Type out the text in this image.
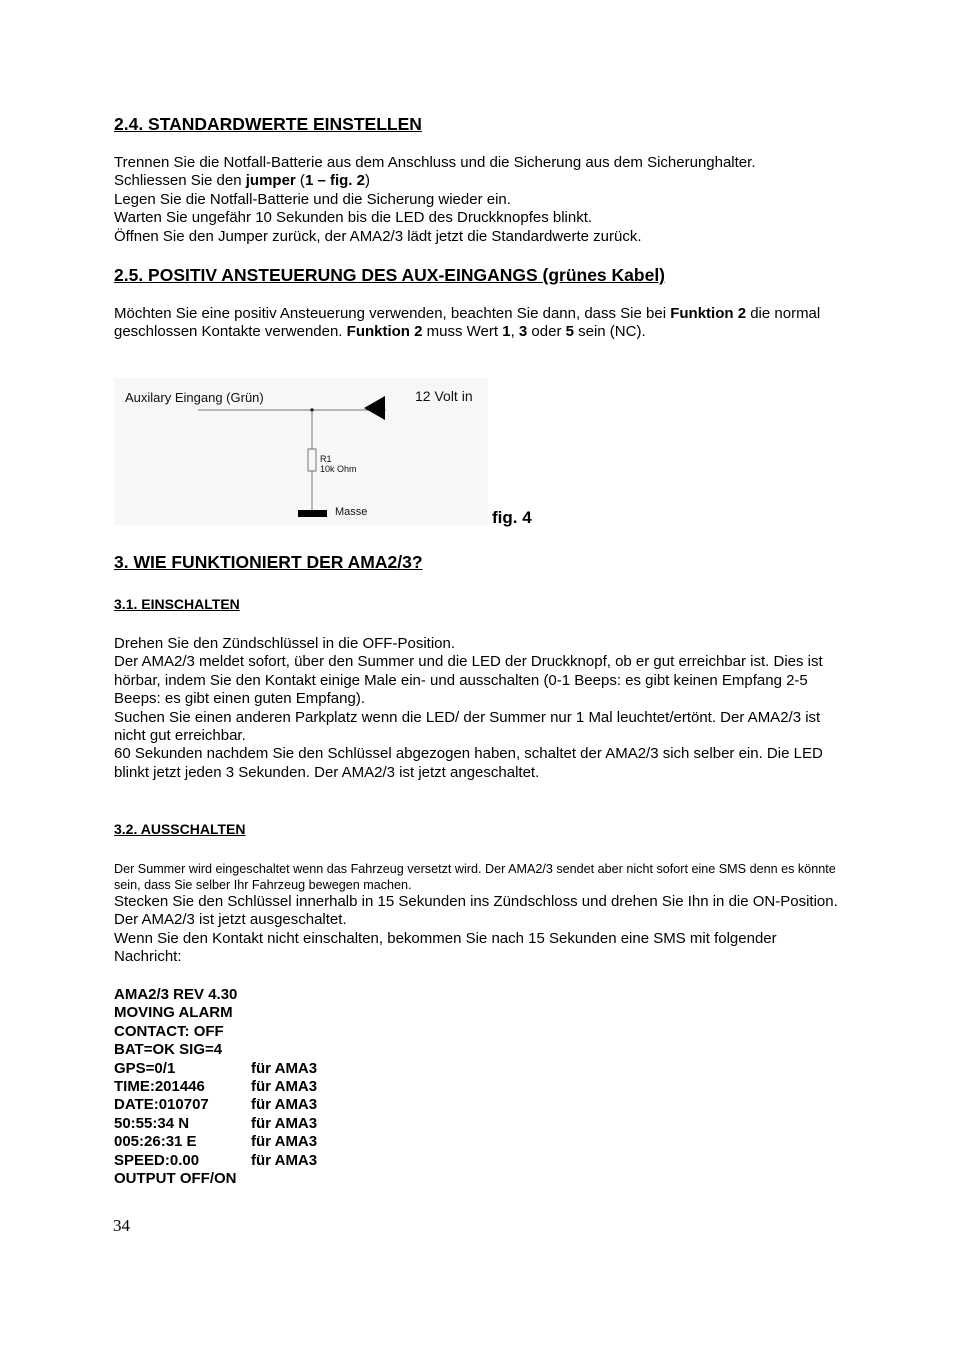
2.4. STANDARDWERTE EINSTELLEN
Trennen Sie die Notfall-Batterie aus dem Anschluss und die Sicherung aus dem Sicherunghalter.
Schliessen Sie den jumper (1 – fig. 2)
Legen Sie die Notfall-Batterie und die Sicherung wieder ein.
Warten Sie ungefähr 10 Sekunden bis die LED des Druckknopfes blinkt.
Öffnen Sie den Jumper zurück, der AMA2/3 lädt jetzt die Standardwerte zurück.
2.5. POSITIV ANSTEUERUNG DES AUX-EINGANGS (grünes Kabel)
Möchten Sie eine positiv Ansteuerung verwenden, beachten Sie dann, dass Sie bei Funktion 2 die normal geschlossen Kontakte verwenden. Funktion 2 muss Wert 1, 3 oder 5 sein (NC).
Auxilary Eingang (Grün)	12 Volt in
R1
10k Ohm
Masse	fig. 4
3. WIE FUNKTIONIERT DER AMA2/3?
3.1. EINSCHALTEN
Drehen Sie den Zündschlüssel in die OFF-Position.
Der AMA2/3 meldet sofort, über den Summer und die LED der Druckknopf, ob er gut erreichbar ist. Dies ist hörbar, indem Sie den Kontakt einige Male ein- und ausschalten (0-1 Beeps: es gibt keinen Empfang 2-5 Beeps: es gibt einen guten Empfang).
Suchen Sie einen anderen Parkplatz wenn die LED/ der Summer nur 1 Mal leuchtet/ertönt. Der AMA2/3 ist nicht gut erreichbar.
60 Sekunden nachdem Sie den Schlüssel abgezogen haben, schaltet der AMA2/3 sich selber ein. Die LED blinkt jetzt jeden 3 Sekunden. Der AMA2/3 ist jetzt angeschaltet.
3.2. AUSSCHALTEN
Der Summer wird eingeschaltet wenn das Fahrzeug versetzt wird. Der AMA2/3 sendet aber nicht sofort eine SMS denn es könnte sein, dass Sie selber Ihr Fahrzeug bewegen machen.
Stecken Sie den Schlüssel innerhalb in 15 Sekunden ins Zündschloss und drehen Sie Ihn in die ON-Position. Der AMA2/3 ist jetzt ausgeschaltet.
Wenn Sie den Kontakt nicht einschalten, bekommen Sie nach 15 Sekunden eine SMS mit folgender Nachricht:
AMA2/3 REV 4.30
MOVING ALARM
CONTACT: OFF
BAT=OK SIG=4
GPS=0/1	für AMA3
TIME:201446	für AMA3
DATE:010707	für AMA3
50:55:34 N	für AMA3
005:26:31 E	für AMA3
SPEED:0.00	für AMA3
OUTPUT OFF/ON
34
